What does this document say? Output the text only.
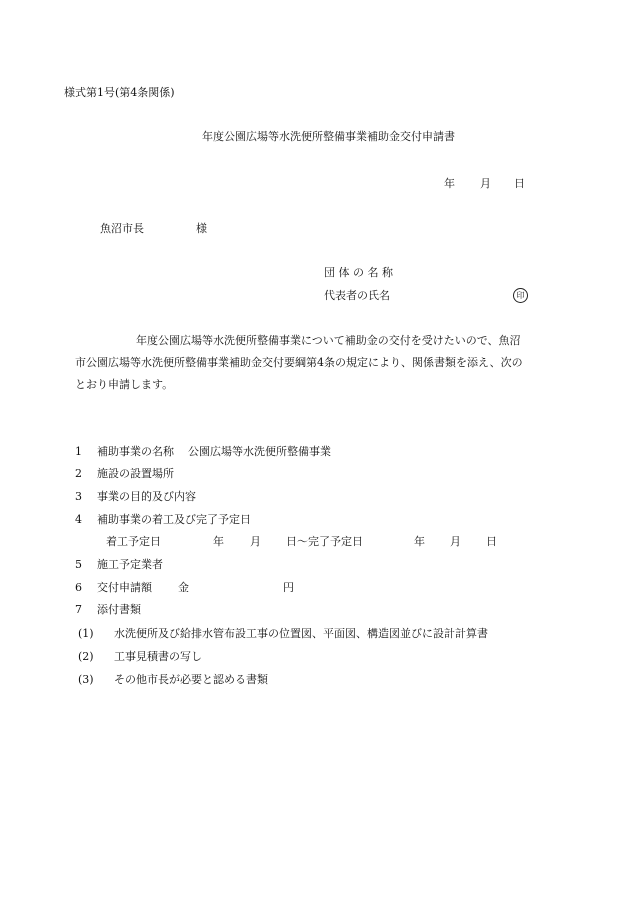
様式第1号(第4条関係)
年度公園広場等水洗便所整備事業補助金交付申請書
年 月 日
魚沼市長	様
団 体 の 名 称
代表者の氏名	印
年度公園広場等水洗便所整備事業について補助金の交付を受けたいので、魚沼
市公園広場等水洗便所整備事業補助金交付要綱第4条の規定により、関係書類を添え、次の
とおり申請します。
1 補助事業の名称 公園広場等水洗便所整備事業
2 施設の設置場所
3 事業の目的及び内容
4 補助事業の着工及び完了予定日
着工予定日	年 月 日〜完了予定日	年 月 日
5 施工予定業者
6 交付申請額 金	円
7 添付書類
(1) 水洗便所及び給排水管布設工事の位置図、平面図、構造図並びに設計計算書
(2) 工事見積書の写し
(3) その他市長が必要と認める書類
